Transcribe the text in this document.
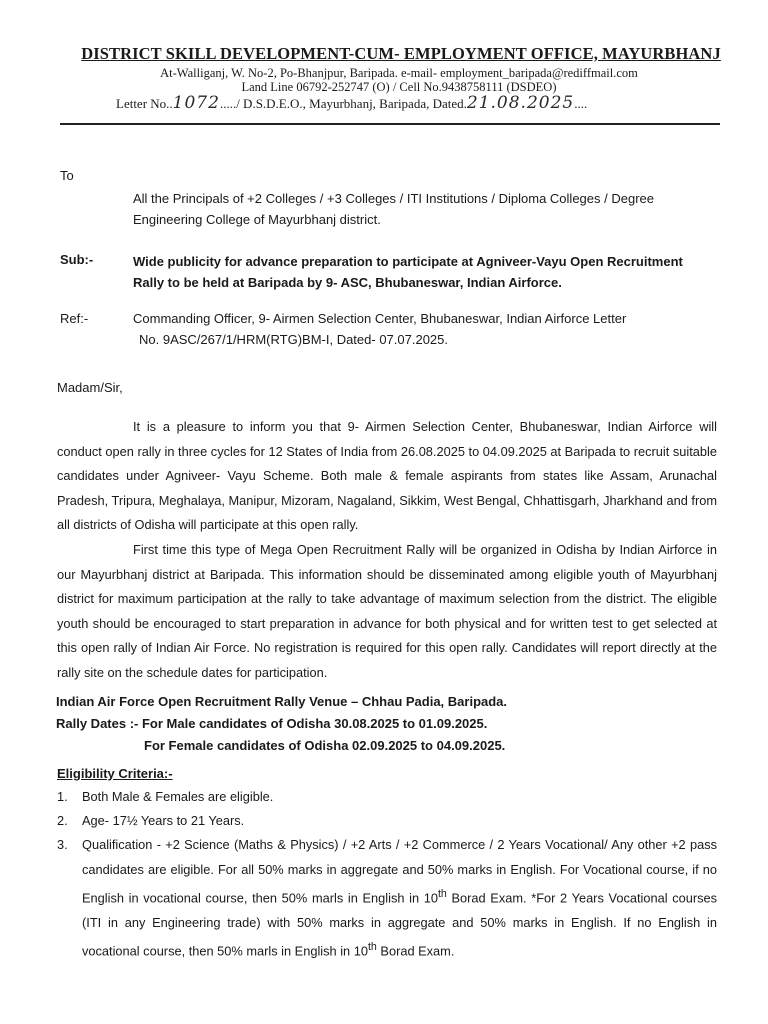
DISTRICT SKILL DEVELOPMENT-CUM- EMPLOYMENT OFFICE, MAYURBHANJ
At-Walliganj, W. No-2, Po-Bhanjpur, Baripada. e-mail- employment_baripada@rediffmail.com
Land Line 06792-252747 (O) / Cell No.9438758111 (DSDEO)
Letter No..1072...../ D.S.D.E.O., Mayurbhanj, Baripada, Dated.21.08.2025....
To
All the Principals of +2 Colleges / +3 Colleges / ITI Institutions / Diploma Colleges / Degree Engineering College of Mayurbhanj district.
Sub:-	Wide publicity for advance preparation to participate at Agniveer-Vayu Open Recruitment Rally to be held at Baripada by 9- ASC, Bhubaneswar, Indian Airforce.
Ref:-	Commanding Officer, 9- Airmen Selection Center, Bhubaneswar, Indian Airforce Letter
No. 9ASC/267/1/HRM(RTG)BM-I, Dated- 07.07.2025.
Madam/Sir,

It is a pleasure to inform you that 9- Airmen Selection Center, Bhubaneswar, Indian Airforce will conduct open rally in three cycles for 12 States of India from 26.08.2025 to 04.09.2025 at Baripada to recruit suitable candidates under Agniveer- Vayu Scheme. Both male & female aspirants from states like Assam, Arunachal Pradesh, Tripura, Meghalaya, Manipur, Mizoram, Nagaland, Sikkim, West Bengal, Chhattisgarh, Jharkhand and from all districts of Odisha will participate at this open rally.

First time this type of Mega Open Recruitment Rally will be organized in Odisha by Indian Airforce in our Mayurbhanj district at Baripada. This information should be disseminated among eligible youth of Mayurbhanj district for maximum participation at the rally to take advantage of maximum selection from the district. The eligible youth should be encouraged to start preparation in advance for both physical and for written test to get selected at this open rally of Indian Air Force. No registration is required for this open rally. Candidates will report directly at the rally site on the schedule dates for participation.

Indian Air Force Open Recruitment Rally Venue – Chhau Padia, Baripada.
Rally Dates :- For Male candidates of Odisha 30.08.2025 to 01.09.2025.
For Female candidates of Odisha 02.09.2025 to 04.09.2025.
Eligibility Criteria:-
1. Both Male & Females are eligible.
2. Age- 17½ Years to 21 Years.
3. Qualification - +2 Science (Maths & Physics) / +2 Arts / +2 Commerce / 2 Years Vocational/ Any other +2 pass candidates are eligible. For all 50% marks in aggregate and 50% marks in English. For Vocational course, if no English in vocational course, then 50% marls in English in 10th Borad Exam. *For 2 Years Vocational courses (ITI in any Engineering trade) with 50% marks in aggregate and 50% marks in English. If no English in vocational course, then 50% marls in English in 10th Borad Exam.
